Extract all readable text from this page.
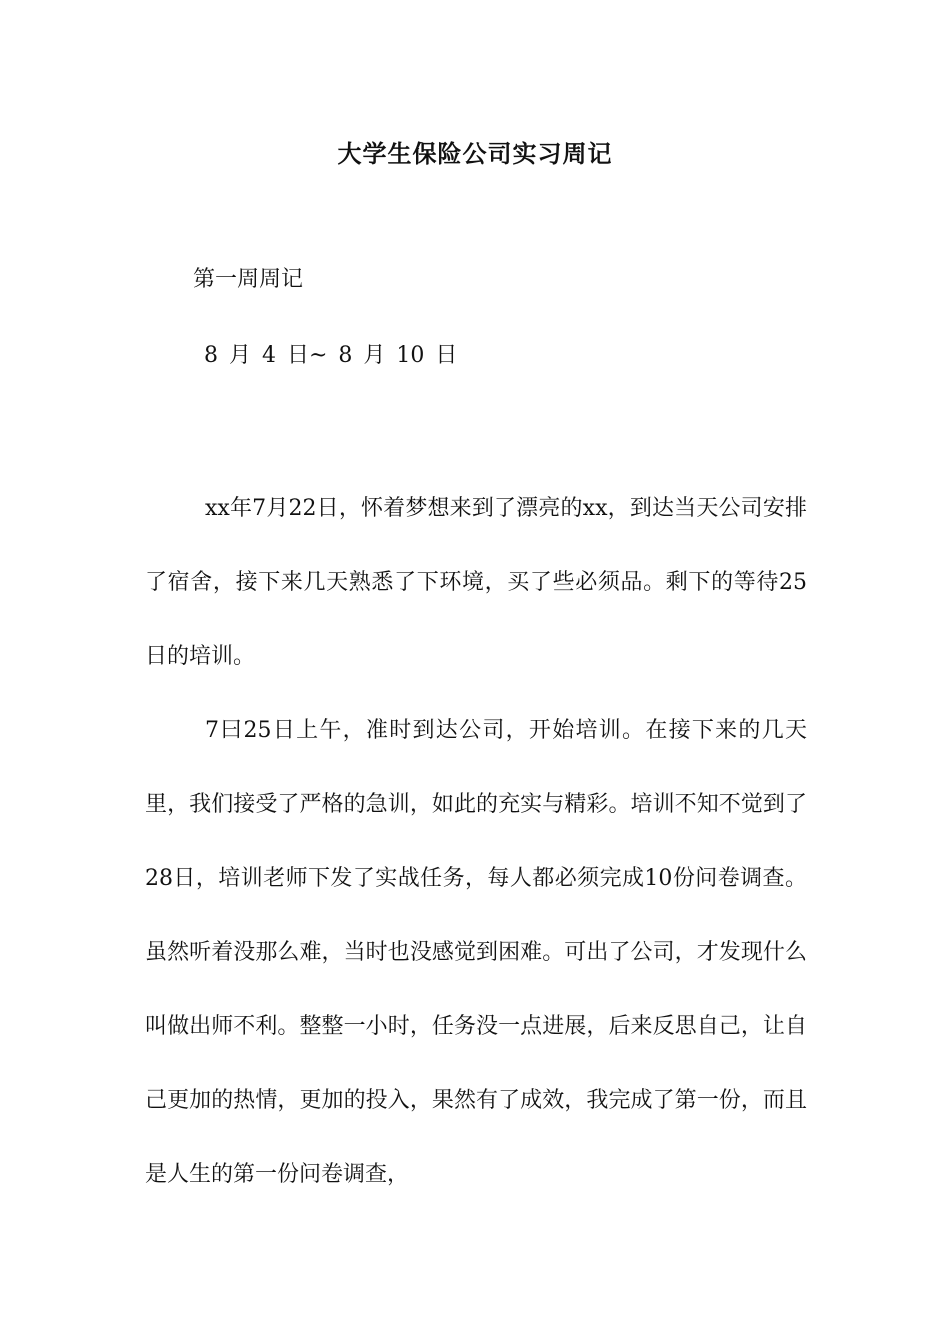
大学生保险公司实习周记
第一周周记
8 月 4 日~ 8 月 10 日

xx年7月22日，怀着梦想来到了漂亮的xx，到达当天公司安排了宿舍，接下来几天熟悉了下环境，买了些必须品。剩下的等待25日的培训。

7曰25日上午，准时到达公司，开始培训。在接下来的几天里，我们接受了严格的急训，如此的充实与精彩。培训不知不觉到了28日，培训老师下发了实战任务，每人都必须完成10份问卷调查。虽然听着没那么难，当时也没感觉到困难。可出了公司，才发现什么叫做出师不利。整整一小时，任务没一点进展，后来反思自己，让自己更加的热情，更加的投入，果然有了成效，我完成了第一份，而且是人生的第一份问卷调查，
